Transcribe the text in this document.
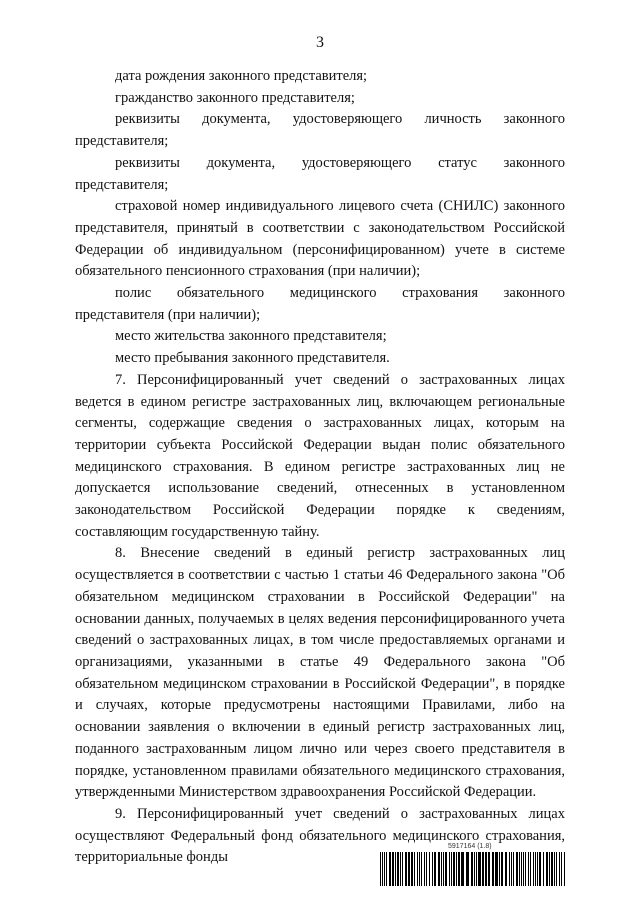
3

дата рождения законного представителя;

гражданство законного представителя;

реквизиты документа, удостоверяющего личность законного представителя;

реквизиты документа, удостоверяющего статус законного представителя;

страховой номер индивидуального лицевого счета (СНИЛС) законного представителя, принятый в соответствии с законодательством Российской Федерации об индивидуальном (персонифицированном) учете в системе обязательного пенсионного страхования (при наличии);

полис обязательного медицинского страхования законного представителя (при наличии);

место жительства законного представителя;

место пребывания законного представителя.

7. Персонифицированный учет сведений о застрахованных лицах ведется в едином регистре застрахованных лиц, включающем региональные сегменты, содержащие сведения о застрахованных лицах, которым на территории субъекта Российской Федерации выдан полис обязательного медицинского страхования. В едином регистре застрахованных лиц не допускается использование сведений, отнесенных в установленном законодательством Российской Федерации порядке к сведениям, составляющим государственную тайну.

8. Внесение сведений в единый регистр застрахованных лиц осуществляется в соответствии с частью 1 статьи 46 Федерального закона "Об обязательном медицинском страховании в Российской Федерации" на основании данных, получаемых в целях ведения персонифицированного учета сведений о застрахованных лицах, в том числе предоставляемых органами и организациями, указанными в статье 49 Федерального закона "Об обязательном медицинском страховании в Российской Федерации", в порядке и случаях, которые предусмотрены настоящими Правилами, либо на основании заявления о включении в единый регистр застрахованных лиц, поданного застрахованным лицом лично или через своего представителя в порядке, установленном правилами обязательного медицинского страхования, утвержденными Министерством здравоохранения Российской Федерации.

9. Персонифицированный учет сведений о застрахованных лицах осуществляют Федеральный фонд обязательного медицинского страхования, территориальные фонды

5917164 (1.8)
